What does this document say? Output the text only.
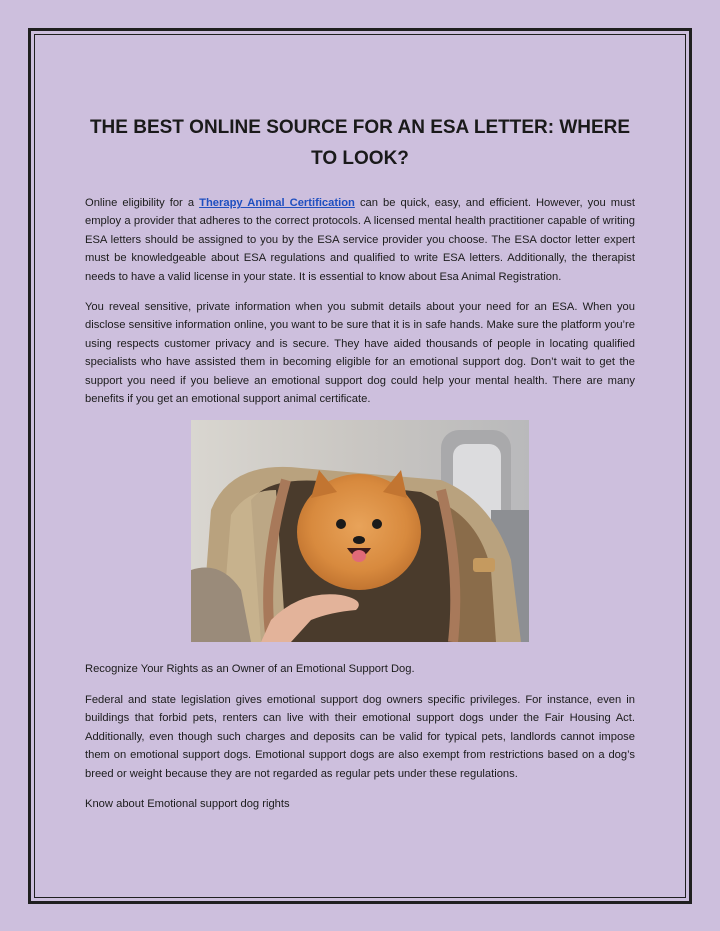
THE BEST ONLINE SOURCE FOR AN ESA LETTER: WHERE TO LOOK?

Online eligibility for a Therapy Animal Certification can be quick, easy, and efficient. However, you must employ a provider that adheres to the correct protocols. A licensed mental health practitioner capable of writing ESA letters should be assigned to you by the ESA service provider you choose. The ESA doctor letter expert must be knowledgeable about ESA regulations and qualified to write ESA letters. Additionally, the therapist needs to have a valid license in your state. It is essential to know about Esa Animal Registration.

You reveal sensitive, private information when you submit details about your need for an ESA. When you disclose sensitive information online, you want to be sure that it is in safe hands. Make sure the platform you’re using respects customer privacy and is secure. They have aided thousands of people in locating qualified specialists who have assisted them in becoming eligible for an emotional support dog. Don’t wait to get the support you need if you believe an emotional support dog could help your mental health. There are many benefits if you get an emotional support animal certificate.

Recognize Your Rights as an Owner of an Emotional Support Dog.

Federal and state legislation gives emotional support dog owners specific privileges. For instance, even in buildings that forbid pets, renters can live with their emotional support dogs under the Fair Housing Act. Additionally, even though such charges and deposits can be valid for typical pets, landlords cannot impose them on emotional support dogs. Emotional support dogs are also exempt from restrictions based on a dog’s breed or weight because they are not regarded as regular pets under these regulations.

Know about Emotional support dog rights
